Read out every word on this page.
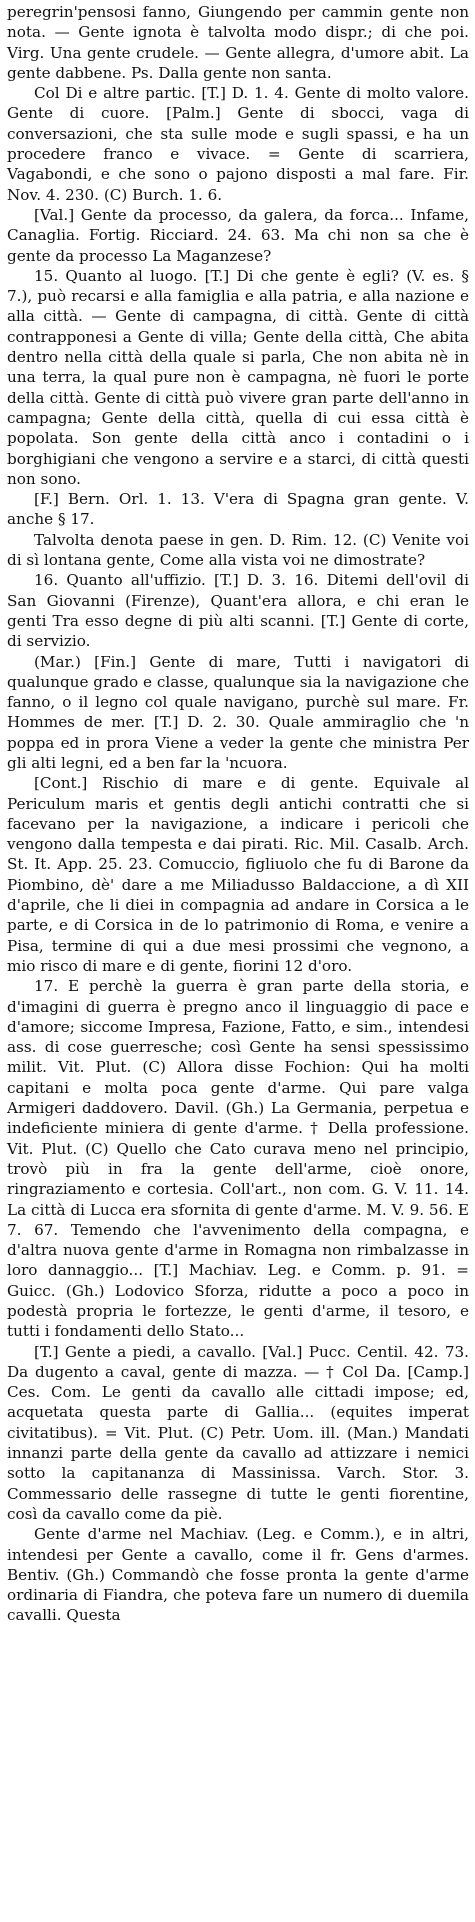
peregrin'pensosi fanno, Giungendo per cammin gente non nota. — Gente ignota è talvolta modo dispr.; di che poi. Virg. Una gente crudele. — Gente allegra, d'umore abit. La gente dabbene. Ps. Dalla gente non santa.

Col Di e altre partic. [T.] D. 1. 4. Gente di molto valore. Gente di cuore. [Palm.] Gente di sbocci, vaga di conversazioni, che sta sulle mode e sugli spassi, e ha un procedere franco e vivace. = Gente di scarriera, Vagabondi, e che sono o pajono disposti a mal fare. Fir. Nov. 4. 230. (C) Burch. 1. 6.

[Val.] Gente da processo, da galera, da forca... Infame, Canaglia. Fortig. Ricciard. 24. 63. Ma chi non sa che è gente da processo La Maganzese?

15. Quanto al luogo. [T.] Di che gente è egli? (V. es. § 7.), può recarsi e alla famiglia e alla patria, e alla nazione e alla città. — Gente di campagna, di città. Gente di città contrapponesi a Gente di villa; Gente della città, Che abita dentro nella città della quale si parla, Che non abita nè in una terra, la qual pure non è campagna, nè fuori le porte della città. Gente di città può vivere gran parte dell'anno in campagna; Gente della città, quella di cui essa città è popolata. Son gente della città anco i contadini o i borghigiani che vengono a servire e a starci, di città questi non sono.

[F.] Bern. Orl. 1. 13. V'era di Spagna gran gente. V. anche § 17.

Talvolta denota paese in gen. D. Rim. 12. (C) Venite voi di sì lontana gente, Come alla vista voi ne dimostrate?

16. Quanto all'uffizio. [T.] D. 3. 16. Ditemi dell'ovil di San Giovanni (Firenze), Quant'era allora, e chi eran le genti Tra esso degne di più alti scanni. [T.] Gente di corte, di servizio.

(Mar.) [Fin.] Gente di mare, Tutti i navigatori di qualunque grado e classe, qualunque sia la navigazione che fanno, o il legno col quale navigano, purchè sul mare. Fr. Hommes de mer. [T.] D. 2. 30. Quale ammiraglio che 'n poppa ed in prora Viene a veder la gente che ministra Per gli alti legni, ed a ben far la 'ncuora.

[Cont.] Rischio di mare e di gente. Equivale al Periculum maris et gentis degli antichi contratti che si facevano per la navigazione, a indicare i pericoli che vengono dalla tempesta e dai pirati. Ric. Mil. Casalb. Arch. St. It. App. 25. 23. Comuccio, figliuolo che fu di Barone da Piombino, dè' dare a me Miliadusso Baldaccione, a dì XII d'aprile, che li diei in compagnia ad andare in Corsica a le parte, e di Corsica in de lo patrimonio di Roma, e venire a Pisa, termine di qui a due mesi prossimi che vegnono, a mio risco di mare e di gente, fiorini 12 d'oro.

17. E perchè la guerra è gran parte della storia, e d'imagini di guerra è pregno anco il linguaggio di pace e d'amore; siccome Impresa, Fazione, Fatto, e sim., intendesi ass. di cose guerresche; così Gente ha sensi spessissimo milit. Vit. Plut. (C) Allora disse Fochion: Qui ha molti capitani e molta poca gente d'arme. Qui pare valga Armigeri daddovero. Davil. (Gh.) La Germania, perpetua e indeficiente miniera di gente d'arme. † Della professione. Vit. Plut. (C) Quello che Cato curava meno nel principio, trovò più in fra la gente dell'arme, cioè onore, ringraziamento e cortesia. Coll'art., non com. G. V. 11. 14. La città di Lucca era sfornita di gente d'arme. M. V. 9. 56. E 7. 67. Temendo che l'avvenimento della compagna, e d'altra nuova gente d'arme in Romagna non rimbalzasse in loro dannaggio... [T.] Machiav. Leg. e Comm. p. 91. = Guicc. (Gh.) Lodovico Sforza, ridutte a poco a poco in podestà propria le fortezze, le genti d'arme, il tesoro, e tutti i fondamenti dello Stato...

[T.] Gente a piedi, a cavallo. [Val.] Pucc. Centil. 42. 73. Da dugento a caval, gente di mazza. — † Col Da. [Camp.] Ces. Com. Le genti da cavallo alle cittadi impose; ed, acquetata questa parte di Gallia... (equites imperat civitatibus). = Vit. Plut. (C) Petr. Uom. ill. (Man.) Mandati innanzi parte della gente da cavallo ad attizzare i nemici sotto la capitananza di Massinissa. Varch. Stor. 3. Commessario delle rassegne di tutte le genti fiorentine, così da cavallo come da piè.

Gente d'arme nel Machiav. (Leg. e Comm.), e in altri, intendesi per Gente a cavallo, come il fr. Gens d'armes. Bentiv. (Gh.) Commandò che fosse pronta la gente d'arme ordinaria di Fiandra, che poteva fare un numero di duemila cavalli. Questa
